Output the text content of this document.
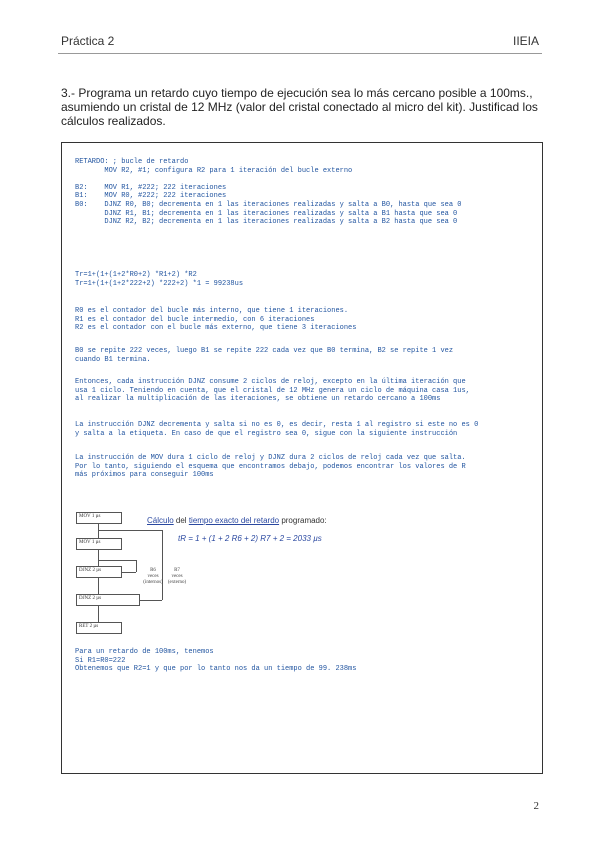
Práctica 2	IIEIA
3.- Programa un retardo cuyo tiempo de ejecución sea lo más cercano posible a 100ms., asumiendo un cristal de 12 MHz (valor del cristal conectado al micro del kit). Justificad los cálculos realizados.
RETARDO: ; bucle de retardo
MOV R2, #1; configura R2 para 1 iteración del bucle externo

B2:    MOV R1, #222; 222 iteraciones
B1:    MOV R0, #222; 222 iteraciones
B0:    DJNZ R0, B0; decrementa en 1 las iteraciones realizadas y salta a B0, hasta que sea 0
DJNZ R1, B1; decrementa en 1 las iteraciones realizadas y salta a B1 hasta que sea 0
DJNZ R2, B2; decrementa en 1 las iteraciones realizadas y salta a B2 hasta que sea 0
Tr=1+(1+(1+2*R0+2) *R1+2) *R2
Tr=1+(1+(1+2*222+2) *222+2) *1 = 99238us
R0 es el contador del bucle más interno, que tiene 1 iteraciones.
R1 es el contador del bucle intermedio, con 6 iteraciones
R2 es el contador con el bucle más externo, que tiene 3 iteraciones
B0 se repite 222 veces, luego B1 se repite 222 cada vez que B0 termina, B2 se repite 1 vez
cuando B1 termina.
Entonces, cada instrucción DJNZ consume 2 ciclos de reloj, excepto en la última iteración que
usa 1 ciclo. Teniendo en cuenta, que el cristal de 12 MHz genera un ciclo de máquina casa 1us,
al realizar la multiplicación de las iteraciones, se obtiene un retardo cercano a 100ms
La instrucción DJNZ decrementa y salta si no es 0, es decir, resta 1 al registro si este no es 0
y salta a la etiqueta. En caso de que el registro sea 0, sigue con la siguiente instrucción
La instrucción de MOV dura 1 ciclo de reloj y DJNZ dura 2 ciclos de reloj cada vez que salta.
Por lo tanto, siguiendo el esquema que encontramos debajo, podemos encontrar los valores de R
más próximos para conseguir 100ms
MOV 1 µs
MOV 1 µs
DJNZ 2 µs
DJNZ 2 µs
RET 2 µs
R6
veces
(internos)
R7
veces
(externo)
Cálculo del tiempo exacto del retardo programado:
tR = 1 + (1 + 2 R6 + 2) R7 + 2 = 2033 µs
Para un retardo de 100ms, tenemos
Si R1=R0=222
Obtenemos que R2=1 y que por lo tanto nos da un tiempo de 99. 238ms
2
